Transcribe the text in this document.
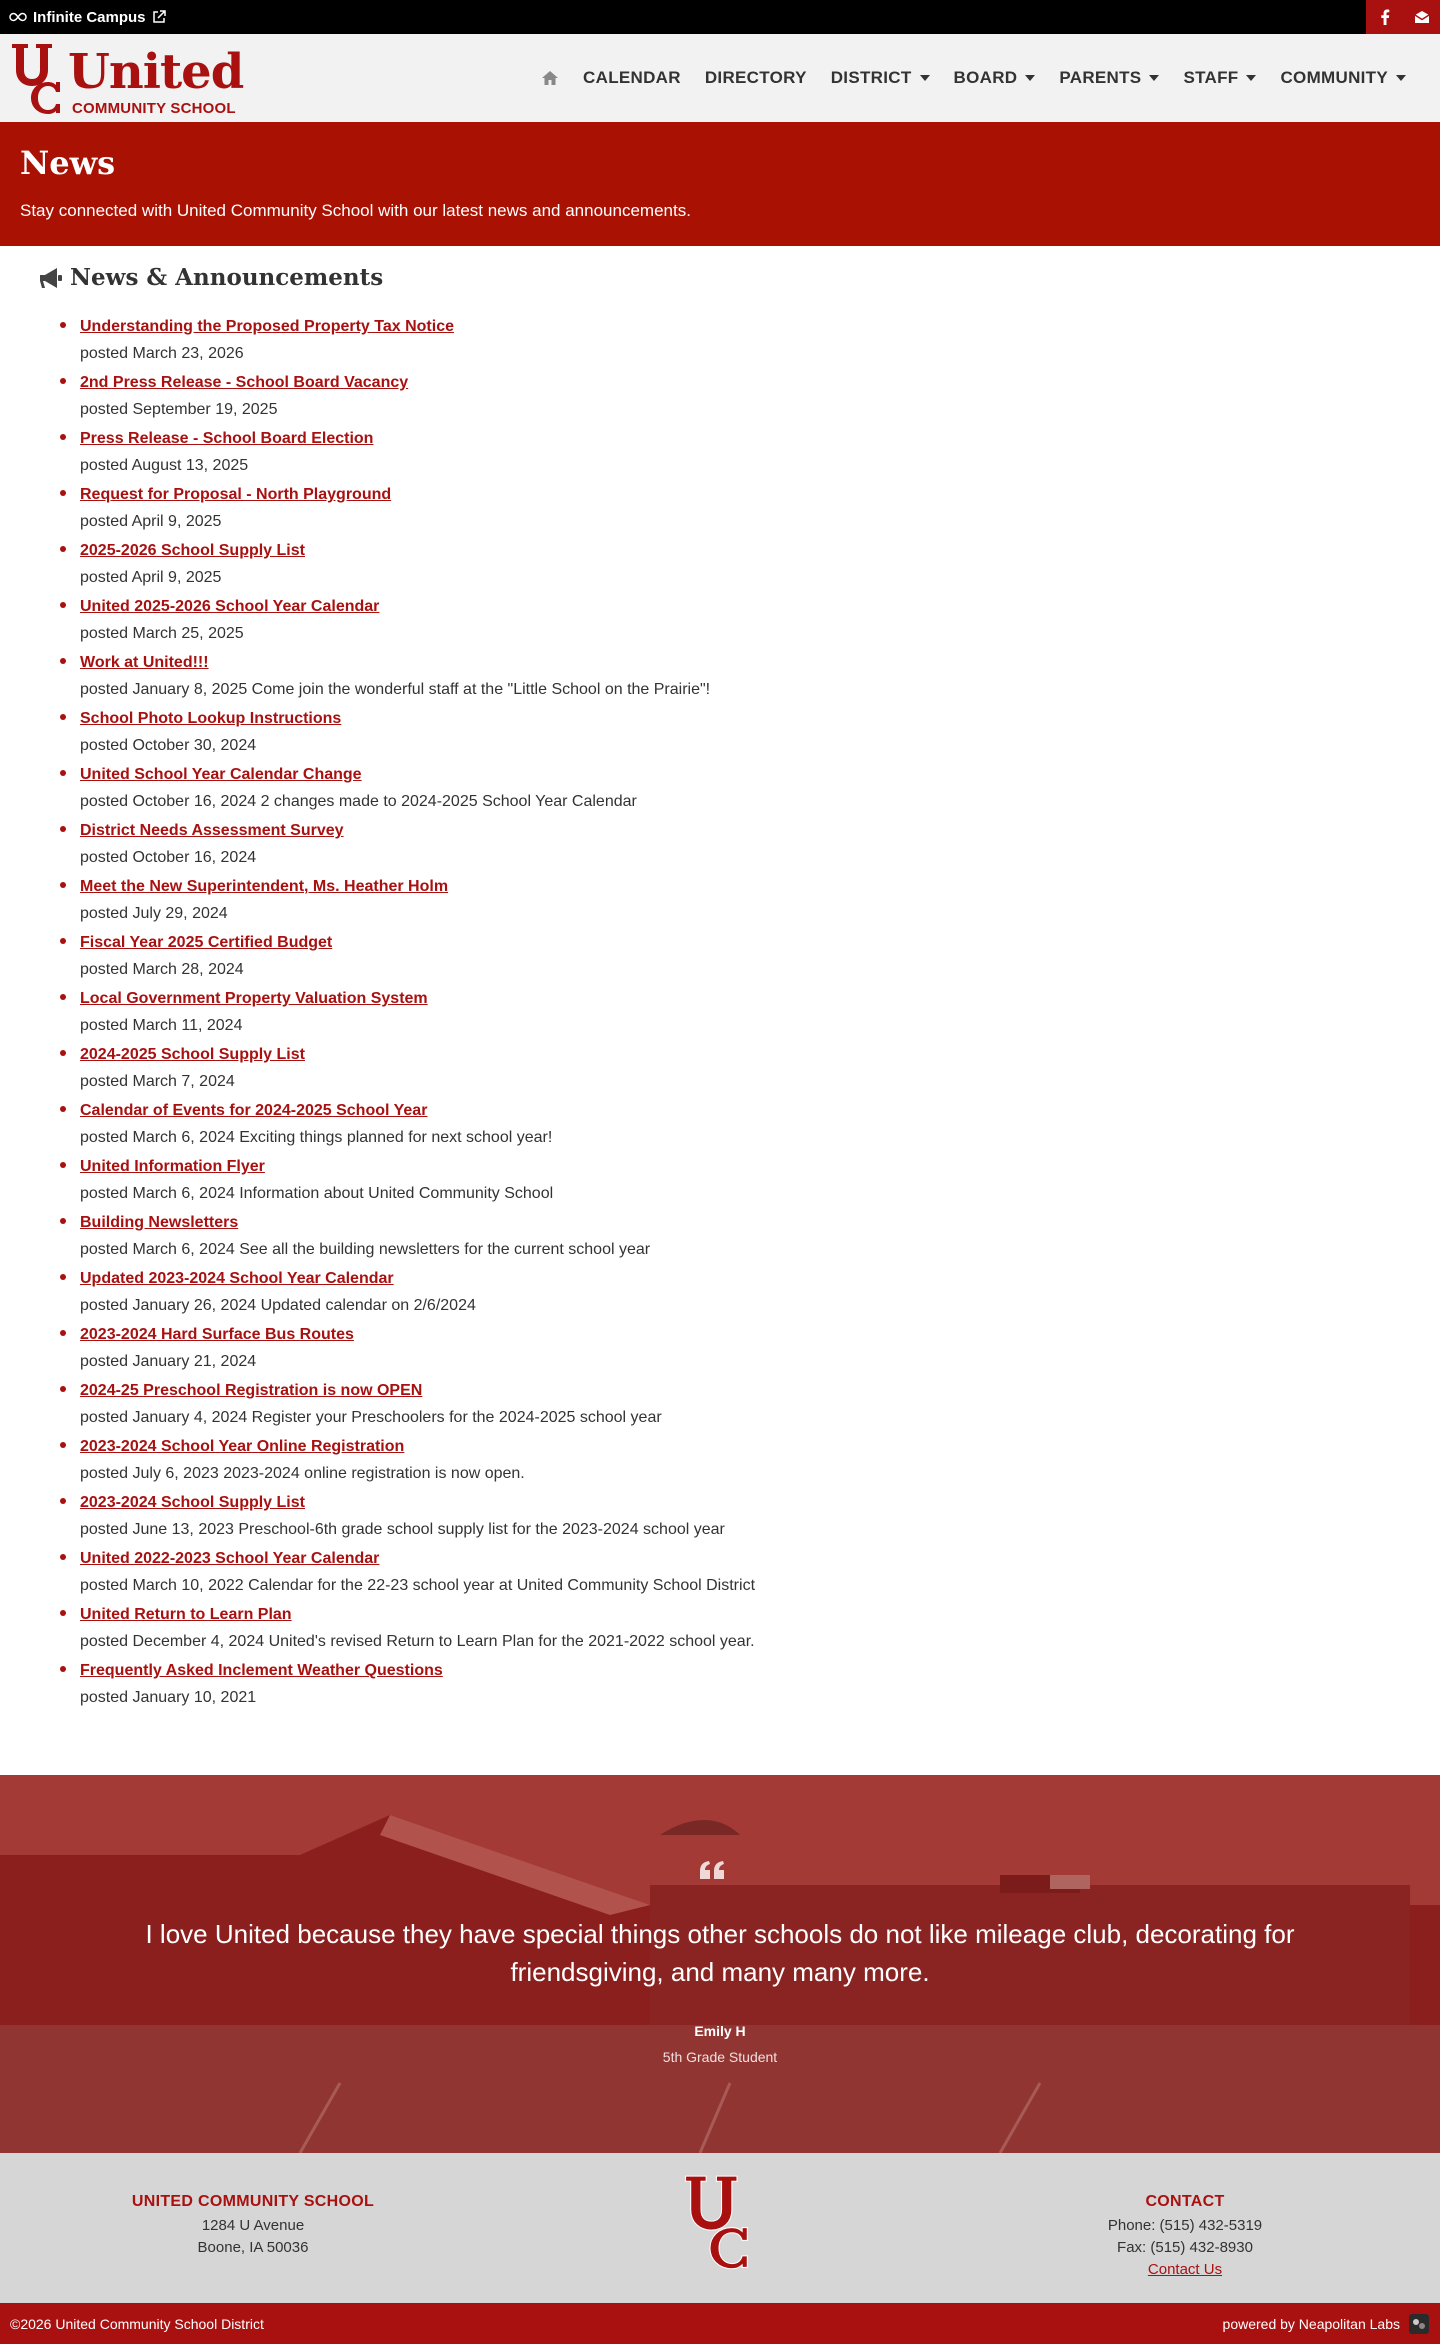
Infinite Campus
United
COMMUNITY SCHOOL
CALENDAR DIRECTORY DISTRICT BOARD PARENTS STAFF COMMUNITY
News

Stay connected with United Community School with our latest news and announcements.

News & Announcements
Understanding the Proposed Property Tax Notice
posted March 23, 2026
2nd Press Release - School Board Vacancy
posted September 19, 2025
Press Release - School Board Election
posted August 13, 2025
Request for Proposal - North Playground
posted April 9, 2025
2025-2026 School Supply List
posted April 9, 2025
United 2025-2026 School Year Calendar
posted March 25, 2025
Work at United!!!
posted January 8, 2025 Come join the wonderful staff at the "Little School on the Prairie"!
School Photo Lookup Instructions
posted October 30, 2024
United School Year Calendar Change
posted October 16, 2024 2 changes made to 2024-2025 School Year Calendar
District Needs Assessment Survey
posted October 16, 2024
Meet the New Superintendent, Ms. Heather Holm
posted July 29, 2024
Fiscal Year 2025 Certified Budget
posted March 28, 2024
Local Government Property Valuation System
posted March 11, 2024
2024-2025 School Supply List
posted March 7, 2024
Calendar of Events for 2024-2025 School Year
posted March 6, 2024 Exciting things planned for next school year!
United Information Flyer
posted March 6, 2024 Information about United Community School
Building Newsletters
posted March 6, 2024 See all the building newsletters for the current school year
Updated 2023-2024 School Year Calendar
posted January 26, 2024 Updated calendar on 2/6/2024
2023-2024 Hard Surface Bus Routes
posted January 21, 2024
2024-25 Preschool Registration is now OPEN
posted January 4, 2024 Register your Preschoolers for the 2024-2025 school year
2023-2024 School Year Online Registration
posted July 6, 2023 2023-2024 online registration is now open.
2023-2024 School Supply List
posted June 13, 2023 Preschool-6th grade school supply list for the 2023-2024 school year
United 2022-2023 School Year Calendar
posted March 10, 2022 Calendar for the 22-23 school year at United Community School District
United Return to Learn Plan
posted December 4, 2024 United's revised Return to Learn Plan for the 2021-2022 school year.
Frequently Asked Inclement Weather Questions
posted January 10, 2021
I love United because they have special things other schools do not like mileage club, decorating for friendsgiving, and many many more.
Emily H
5th Grade Student
UNITED COMMUNITY SCHOOL
1284 U Avenue
Boone, IA 50036
CONTACT
Phone: (515) 432-5319
Fax: (515) 432-8930
Contact Us
©2026 United Community School District	powered by Neapolitan Labs
